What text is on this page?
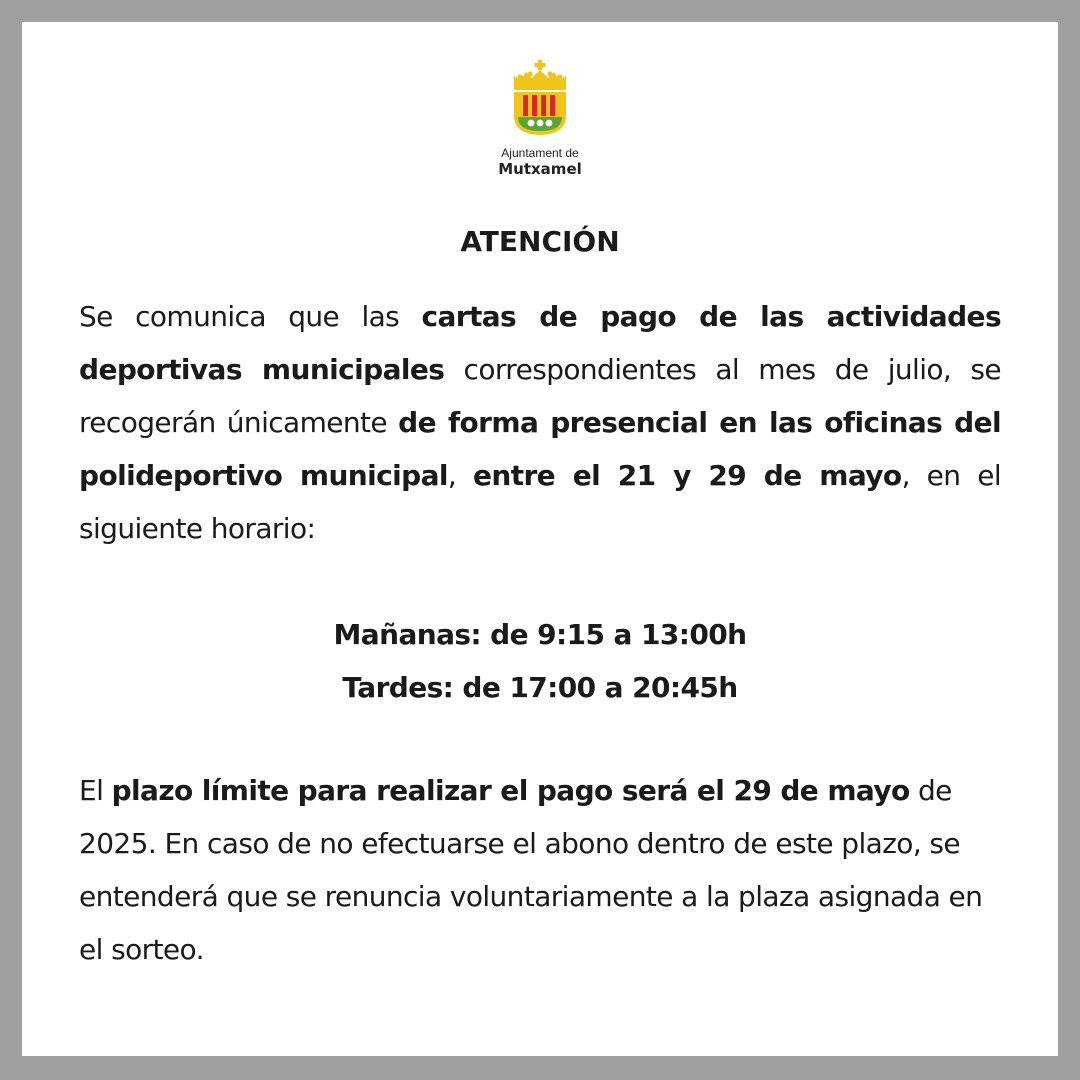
Ajuntament de
Mutxamel
ATENCIÓN

Se comunica que las cartas de pago de las actividades deportivas municipales correspondientes al mes de julio, se recogerán únicamente de forma presencial en las oficinas del polideportivo municipal, entre el 21 y 29 de mayo, en el siguiente horario:

Mañanas: de 9:15 a 13:00h
Tardes: de 17:00 a 20:45h

El plazo límite para realizar el pago será el 29 de mayo de 2025. En caso de no efectuarse el abono dentro de este plazo, se entenderá que se renuncia voluntariamente a la plaza asignada en el sorteo.
